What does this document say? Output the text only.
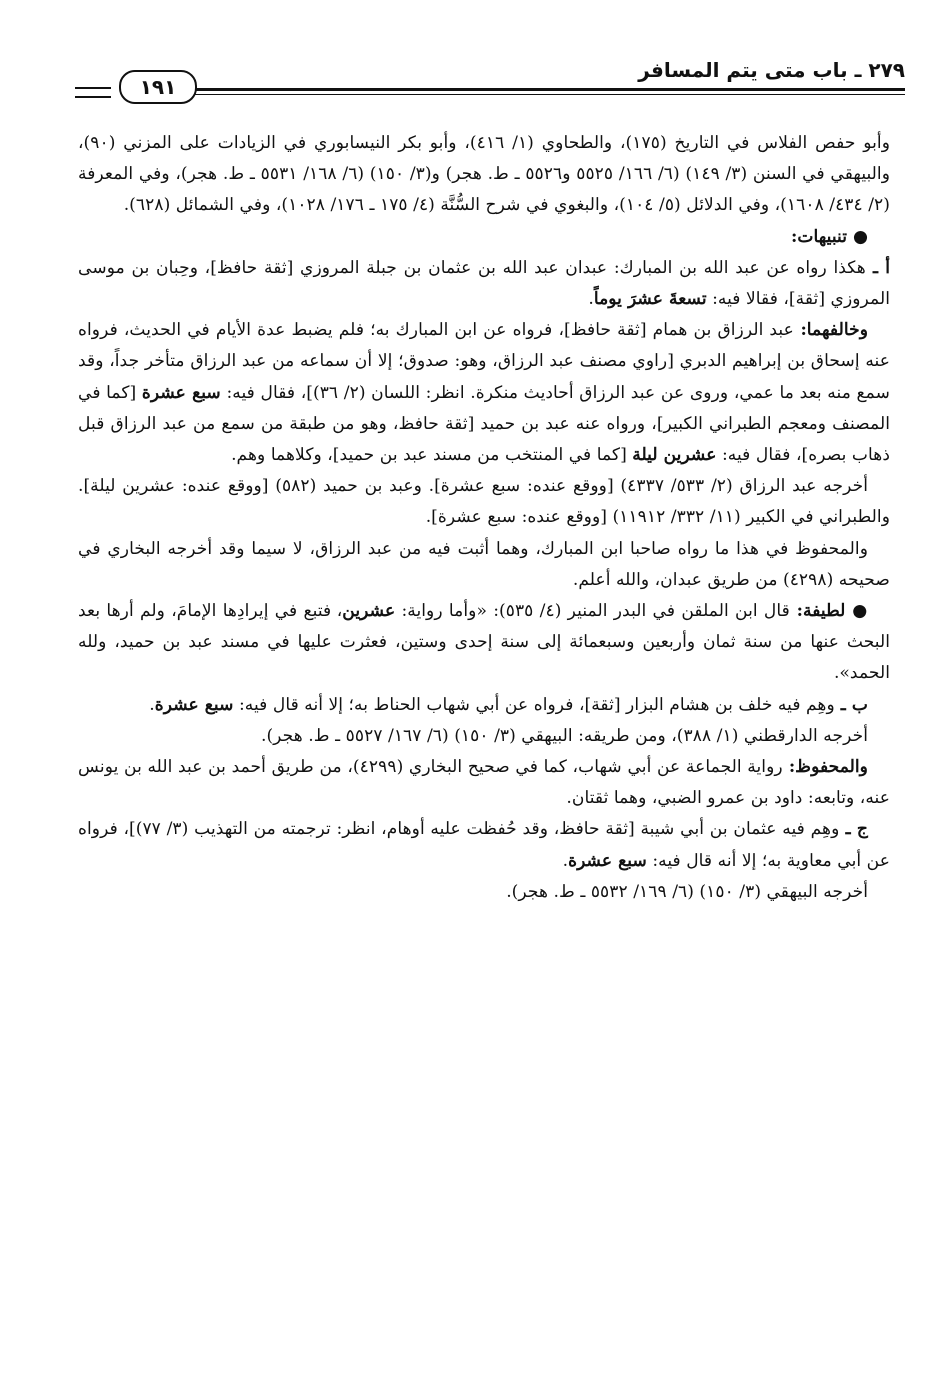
٢٧٩ ـ باب متى يتم المسافر
١٩١

وأبو حفص الفلاس في التاريخ (١٧٥)، والطحاوي (١/ ٤١٦)، وأبو بكر النيسابوري في الزيادات على المزني (٩٠)، والبيهقي في السنن (٣/ ١٤٩) (٦/ ١٦٦/ ٥٥٢٥ و٥٥٢٦ ـ ط. هجر) و(٣/ ١٥٠) (٦/ ١٦٨/ ٥٥٣١ ـ ط. هجر)، وفي المعرفة (٢/ ٤٣٤/ ١٦٠٨)، وفي الدلائل (٥/ ١٠٤)، والبغوي في شرح السُّنَّة (٤/ ١٧٥ ـ ١٧٦/ ١٠٢٨)، وفي الشمائل (٦٢٨).

● تنبيهات:

أ ـ هكذا رواه عن عبد الله بن المبارك: عبدان عبد الله بن عثمان بن جبلة المروزي [ثقة حافظ]، وحِبان بن موسى المروزي [ثقة]، فقالا فيه: تسعةَ عشرَ يوماً.

وخالفهما: عبد الرزاق بن همام [ثقة حافظ]، فرواه عن ابن المبارك به؛ فلم يضبط عدة الأيام في الحديث، فرواه عنه إسحاق بن إبراهيم الدبري [راوي مصنف عبد الرزاق، وهو: صدوق؛ إلا أن سماعه من عبد الرزاق متأخر جداً، وقد سمع منه بعد ما عمي، وروى عن عبد الرزاق أحاديث منكرة. انظر: اللسان (٢/ ٣٦)]، فقال فيه: سبع عشرة [كما في المصنف ومعجم الطبراني الكبير]، ورواه عنه عبد بن حميد [ثقة حافظ، وهو من طبقة من سمع من عبد الرزاق قبل ذهاب بصره]، فقال فيه: عشرين ليلة [كما في المنتخب من مسند عبد بن حميد]، وكلاهما وهم.

أخرجه عبد الرزاق (٢/ ٥٣٣/ ٤٣٣٧) [ووقع عنده: سبع عشرة]. وعبد بن حميد (٥٨٢) [ووقع عنده: عشرين ليلة]. والطبراني في الكبير (١١/ ٣٣٢/ ١١٩١٢) [ووقع عنده: سبع عشرة].

والمحفوظ في هذا ما رواه صاحبا ابن المبارك، وهما أثبت فيه من عبد الرزاق، لا سيما وقد أخرجه البخاري في صحيحه (٤٢٩٨) من طريق عبدان، والله أعلم.

● لطيفة: قال ابن الملقن في البدر المنير (٤/ ٥٣٥): «وأما رواية: عشرين، فتبع في إيرادِها الإمامَ، ولم أرها بعد البحث عنها من سنة ثمان وأربعين وسبعمائة إلى سنة إحدى وستين، فعثرت عليها في مسند عبد بن حميد، ولله الحمد».

ب ـ وهِم فيه خلف بن هشام البزار [ثقة]، فرواه عن أبي شهاب الحناط به؛ إلا أنه قال فيه: سبع عشرة.

أخرجه الدارقطني (١/ ٣٨٨)، ومن طريقه: البيهقي (٣/ ١٥٠) (٦/ ١٦٧/ ٥٥٢٧ ـ ط. هجر).

والمحفوظ: رواية الجماعة عن أبي شهاب، كما في صحيح البخاري (٤٢٩٩)، من طريق أحمد بن عبد الله بن يونس عنه، وتابعه: داود بن عمرو الضبي، وهما ثقتان.

ج ـ وهِم فيه عثمان بن أبي شيبة [ثقة حافظ، وقد حُفظت عليه أوهام، انظر: ترجمته من التهذيب (٣/ ٧٧)]، فرواه عن أبي معاوية به؛ إلا أنه قال فيه: سبع عشرة.

أخرجه البيهقي (٣/ ١٥٠) (٦/ ١٦٩/ ٥٥٣٢ ـ ط. هجر).
